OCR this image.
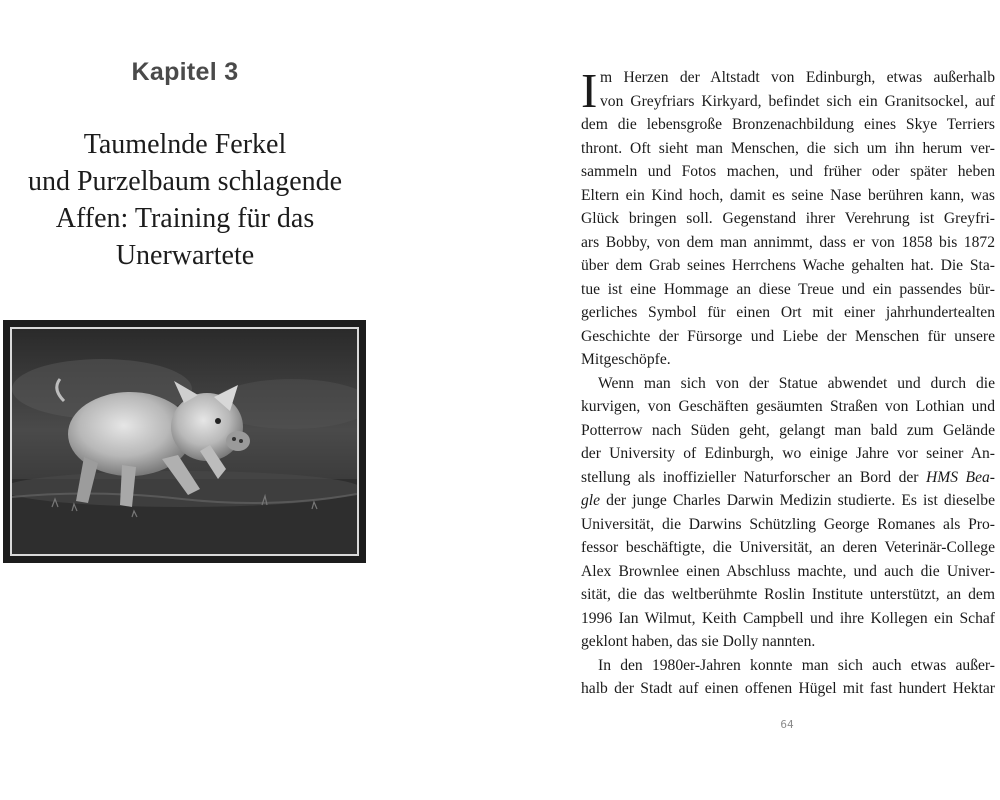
Kapitel 3
Taumelnde Ferkel
und Purzelbaum schlagende
Affen: Training für das
Unerwartete
I m Herzen der Altstadt von Edinburgh, etwas außerhalb
von Greyfriars Kirkyard, befindet sich ein Granitsockel, auf
dem die lebensgroße Bronzenachbildung eines Skye Terriers
thront. Oft sieht man Menschen, die sich um ihn herum ver-
sammeln und Fotos machen, und früher oder später heben
Eltern ein Kind hoch, damit es seine Nase berühren kann, was
Glück bringen soll. Gegenstand ihrer Verehrung ist Greyfri-
ars Bobby, von dem man annimmt, dass er von 1858 bis 1872
über dem Grab seines Herrchens Wache gehalten hat. Die Sta-
tue ist eine Hommage an diese Treue und ein passendes bür-
gerliches Symbol für einen Ort mit einer jahrhundertealten
Geschichte der Fürsorge und Liebe der Menschen für unsere
Mitgeschöpfe.
Wenn man sich von der Statue abwendet und durch die
kurvigen, von Geschäften gesäumten Straßen von Lothian und
Potterrow nach Süden geht, gelangt man bald zum Gelände
der University of Edinburgh, wo einige Jahre vor seiner An-
stellung als inoffizieller Naturforscher an Bord der HMS Bea-
gle der junge Charles Darwin Medizin studierte. Es ist dieselbe
Universität, die Darwins Schützling George Romanes als Pro-
fessor beschäftigte, die Universität, an deren Veterinär-College
Alex Brownlee einen Abschluss machte, und auch die Univer-
sität, die das weltberühmte Roslin Institute unterstützt, an dem
1996 Ian Wilmut, Keith Campbell und ihre Kollegen ein Schaf
geklont haben, das sie Dolly nannten.
In den 1980er-Jahren konnte man sich auch etwas außer-
halb der Stadt auf einen offenen Hügel mit fast hundert Hektar
64
